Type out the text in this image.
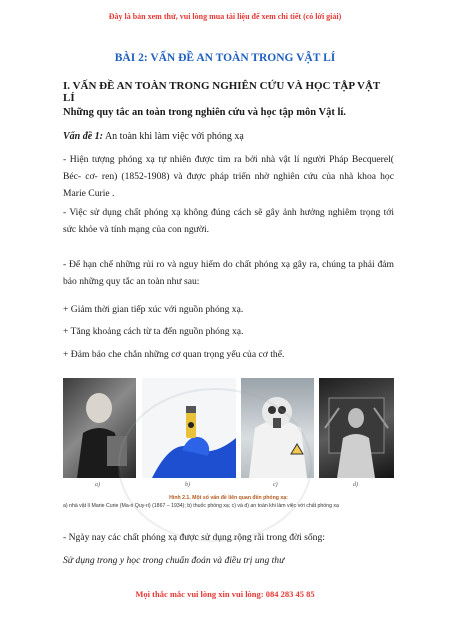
Đây là bản xem thử, vui lòng mua tài liệu để xem chi tiết (có lời giải)
BÀI 2: VẤN ĐỀ AN TOÀN TRONG VẬT LÍ
I. VẤN ĐỀ AN TOÀN TRONG NGHIÊN CỨU VÀ HỌC TẬP VẬT LÍ
Những quy tắc an toàn trong nghiên cứu và học tập môn Vật lí.
Vấn đề 1: An toàn khi làm việc với phóng xạ
- Hiện tượng phóng xạ tự nhiên được tìm ra bởi nhà vật lí người Pháp Becquerel( Béc- cơ- ren) (1852-1908) và được pháp triển nhờ nghiên cứu của nhà khoa học Marie Curie .
- Việc sử dụng chất phóng xạ không đúng cách sẽ gây ảnh hưởng nghiêm trọng tới sức khỏe và tính mạng của con người.
- Để hạn chế những rủi ro và nguy hiểm do chất phóng xạ gây ra, chúng ta phải đảm bảo những quy tắc an toàn như sau:
+ Giảm thời gian tiếp xúc với nguồn phóng xạ.
+ Tăng khoảng cách từ ta đến nguồn phóng xạ.
+ Đảm bảo che chắn những cơ quan trọng yếu của cơ thể.
a)	b)	c)	d)
Hình 2.1. Một số vấn đề liên quan đến phóng xạ:
a) nhà vật lí Marie Curie (Ma-ri Quy-ri) (1867 – 1934); b) thuốc phóng xạ; c) và d) an toàn khi làm việc với chất phóng xạ
- Ngày nay các chất phóng xạ được sử dụng rộng rãi trong đời sống:
Sử dụng trong y học trong chuẩn đoán và điều trị ung thư
Mọi thắc mắc vui lòng xin vui lòng: 084 283 45 85
